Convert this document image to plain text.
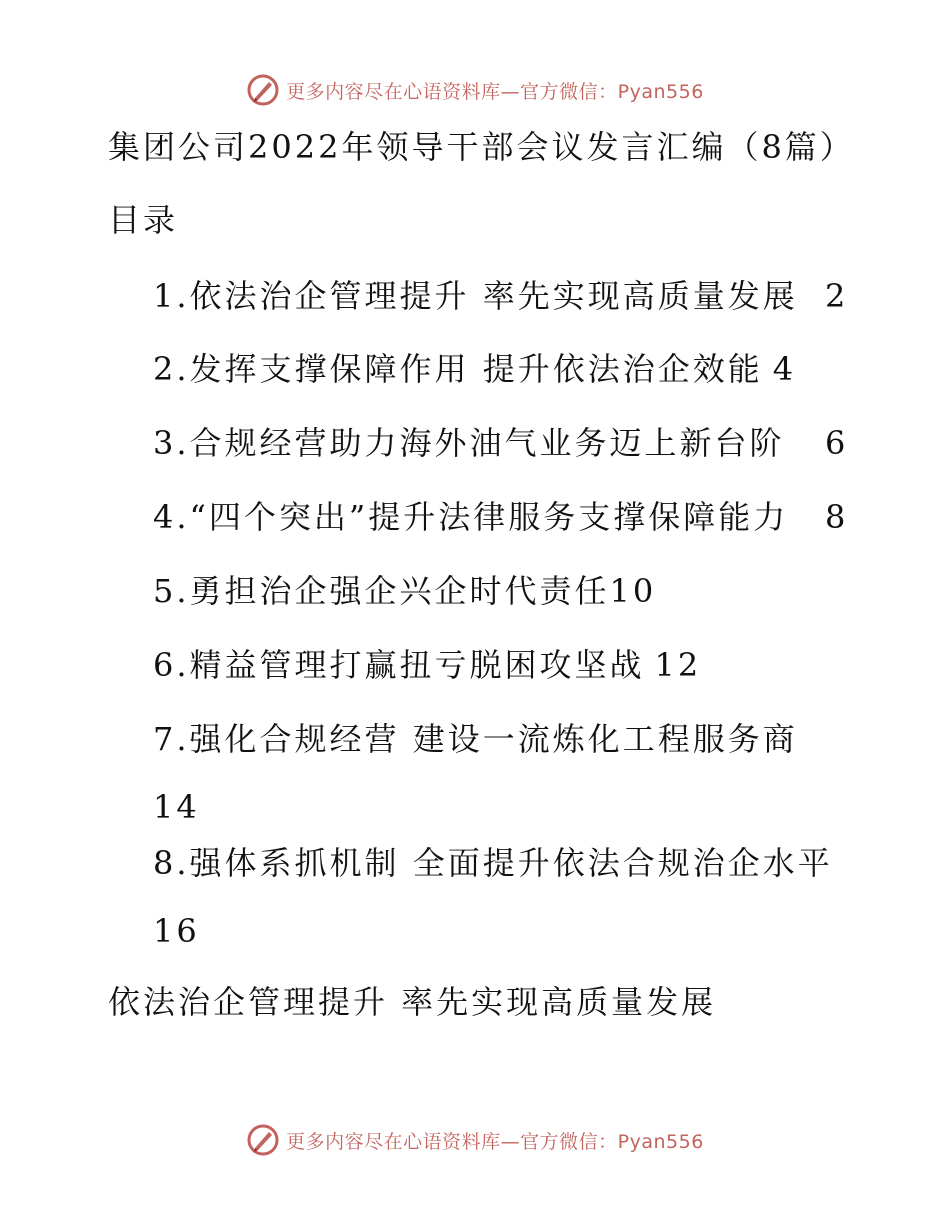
更多内容尽在心语资料库—官方微信：Pyan556
集团公司2022年领导干部会议发言汇编（8篇）
目录
1.依法治企管理提升 率先实现高质量发展 2
2.发挥支撑保障作用 提升依法治企效能 4
3.合规经营助力海外油气业务迈上新台阶 6
4.“四个突出”提升法律服务支撑保障能力 8
5.勇担治企强企兴企时代责任10
6.精益管理打赢扭亏脱困攻坚战 12
7.强化合规经营 建设一流炼化工程服务商
14
8.强体系抓机制 全面提升依法合规治企水平
16
依法治企管理提升 率先实现高质量发展
更多内容尽在心语资料库—官方微信：Pyan556
